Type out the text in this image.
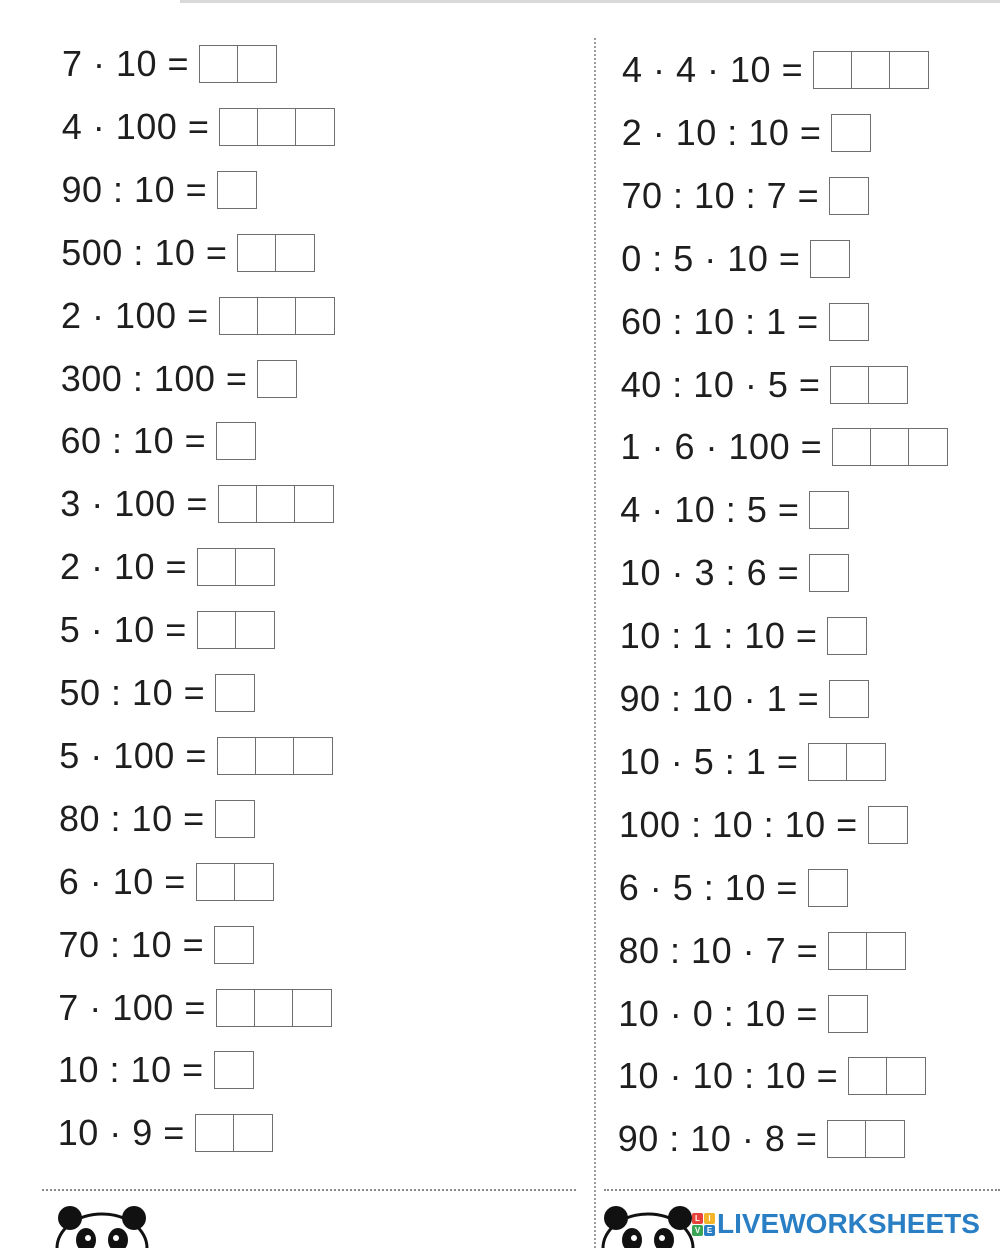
7 · 10 =
4 · 100 =
90 : 10 =
500 : 10 =
2 · 100 =
300 : 100 =
60 : 10 =
3 · 100 =
2 · 10 =
5 · 10 =
50 : 10 =
5 · 100 =
80 : 10 =
6 · 10 =
70 : 10 =
7 · 100 =
10 : 10 =
10 · 9 =
4 · 4 · 10 =
2 · 10 : 10 =
70 : 10 : 7 =
0 : 5 · 10 =
60 : 10 : 1 =
40 : 10 · 5 =
1 · 6 · 100 =
4 · 10 : 5 =
10 · 3 : 6 =
10 : 1 : 10 =
90 : 10 · 1 =
10 · 5 : 1 =
100 : 10 : 10 =
6 · 5 : 10 =
80 : 10 · 7 =
10 · 0 : 10 =
10 · 10 : 10 =
90 : 10 · 8 =
L	I
V E LIVEWORKSHEETS
